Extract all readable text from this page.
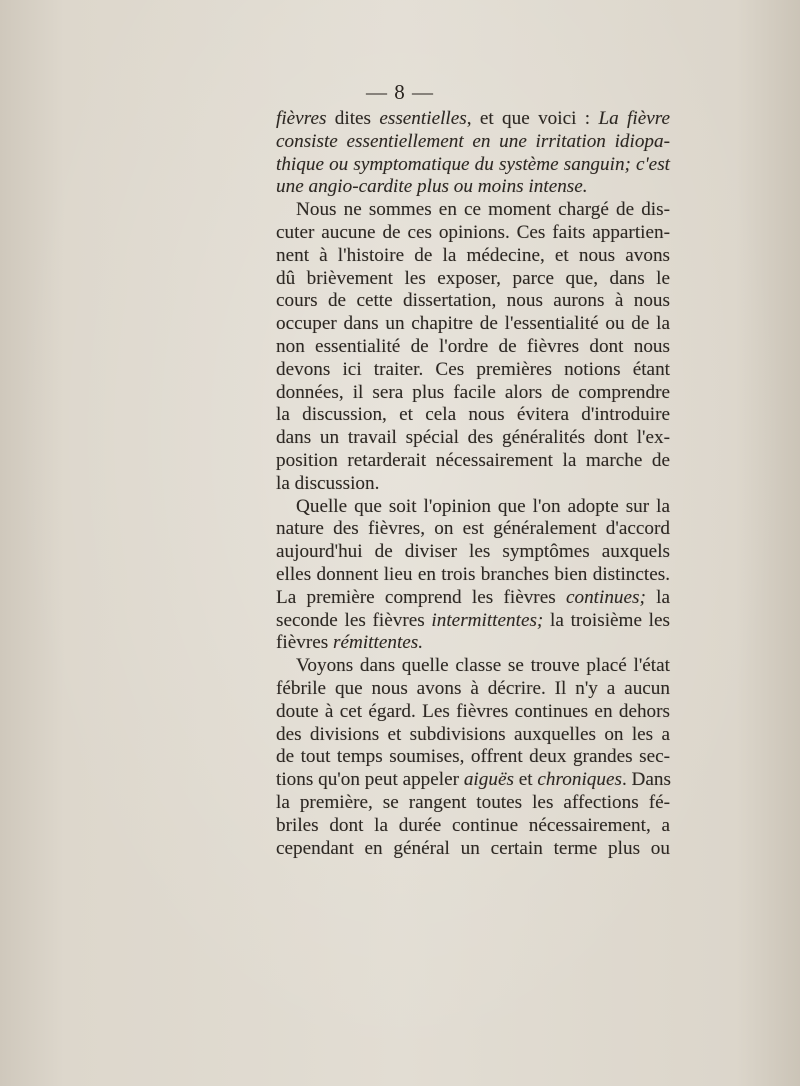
— 8 —
fièvres dites essentielles, et que voici : La fièvre
consiste essentiellement en une irritation idiopa-
thique ou symptomatique du système sanguin; c'est
une angio-cardite plus ou moins intense.
Nous ne sommes en ce moment chargé de dis-
cuter aucune de ces opinions. Ces faits appartien-
nent à l'histoire de la médecine, et nous avons
dû brièvement les exposer, parce que, dans le
cours de cette dissertation, nous aurons à nous
occuper dans un chapitre de l'essentialité ou de la
non essentialité de l'ordre de fièvres dont nous
devons ici traiter. Ces premières notions étant
données, il sera plus facile alors de comprendre
la discussion, et cela nous évitera d'introduire
dans un travail spécial des généralités dont l'ex-
position retarderait nécessairement la marche de
la discussion.
Quelle que soit l'opinion que l'on adopte sur la
nature des fièvres, on est généralement d'accord
aujourd'hui de diviser les symptômes auxquels
elles donnent lieu en trois branches bien distinctes.
La première comprend les fièvres continues; la
seconde les fièvres intermittentes; la troisième les
fièvres rémittentes.
Voyons dans quelle classe se trouve placé l'état
fébrile que nous avons à décrire. Il n'y a aucun
doute à cet égard. Les fièvres continues en dehors
des divisions et subdivisions auxquelles on les a
de tout temps soumises, offrent deux grandes sec-
tions qu'on peut appeler aiguës et chroniques. Dans
la première, se rangent toutes les affections fé-
briles dont la durée continue nécessairement, a
cependant en général un certain terme plus ou
